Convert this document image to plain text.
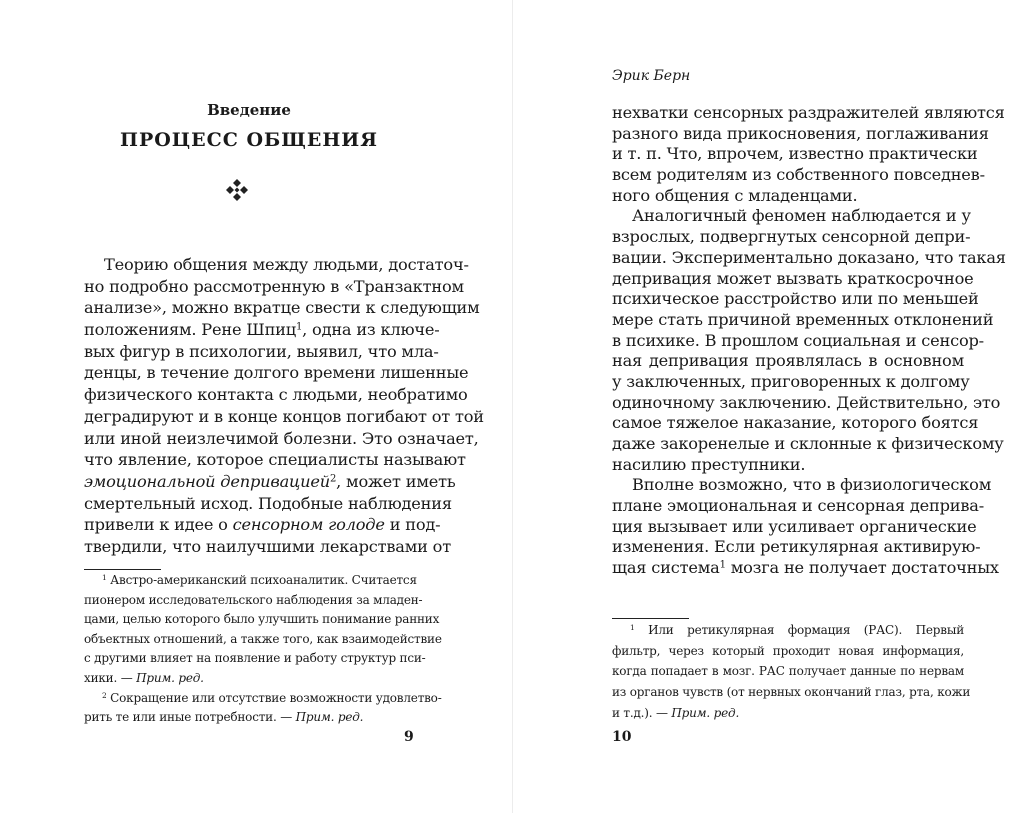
Введение
ПРОЦЕСС ОБЩЕНИЯ
Теорию общения между людьми, достаточ-
но подробно рассмотренную в «Транзактном
анализе», можно вкратце свести к следующим
положениям. Рене Шпиц$^1$, одна из ключе-
вых фигур в психологии, выявил, что мла-
денцы, в течение долгого времени лишенные
физического контакта с людьми, необратимо
деградируют и в конце концов погибают от той
или иной неизлечимой болезни. Это означает,
что явление, которое специалисты называют
эмоциональной депривацией$^2$, может иметь
смертельный исход. Подобные наблюдения
привели к идее о сенсорном голоде и под-
твердили, что наилучшими лекарствами от
$^1$ Австро-американский психоаналитик. Считается
пионером исследовательского наблюдения за младен-
цами, целью которого было улучшить понимание ранних
объектных отношений, а также того, как взаимодействие
с другими влияет на появление и работу структур пси-
хики. — Прим. ред.
$^2$ Сокращение или отсутствие возможности удовлетво-
рить те или иные потребности. — Прим. ред.
9
Эрик Берн
нехватки сенсорных раздражителей являются
разного вида прикосновения, поглаживания
и т. п. Что, впрочем, известно практически
всем родителям из собственного повседнев-
ного общения с младенцами.
Аналогичный феномен наблюдается и у
взрослых, подвергнутых сенсорной депри-
вации. Экспериментально доказано, что такая
депривация может вызвать краткосрочное
психическое расстройство или по меньшей
мере стать причиной временных отклонений
в психике. В прошлом социальная и сенсор-
ная депривация проявлялась в основном
у заключенных, приговоренных к долгому
одиночному заключению. Действительно, это
самое тяжелое наказание, которого боятся
даже закоренелые и склонные к физическому
насилию преступники.
Вполне возможно, что в физиологическом
плане эмоциональная и сенсорная деприва-
ция вызывает или усиливает органические
изменения. Если ретикулярная активирую-
щая система$^1$ мозга не получает достаточных
$^1$ Или ретикулярная формация (РАС). Первый
фильтр, через который проходит новая информация,
когда попадает в мозг. РАС получает данные по нервам
из органов чувств (от нервных окончаний глаз, рта, кожи
и т.д.). — Прим. ред.
10
